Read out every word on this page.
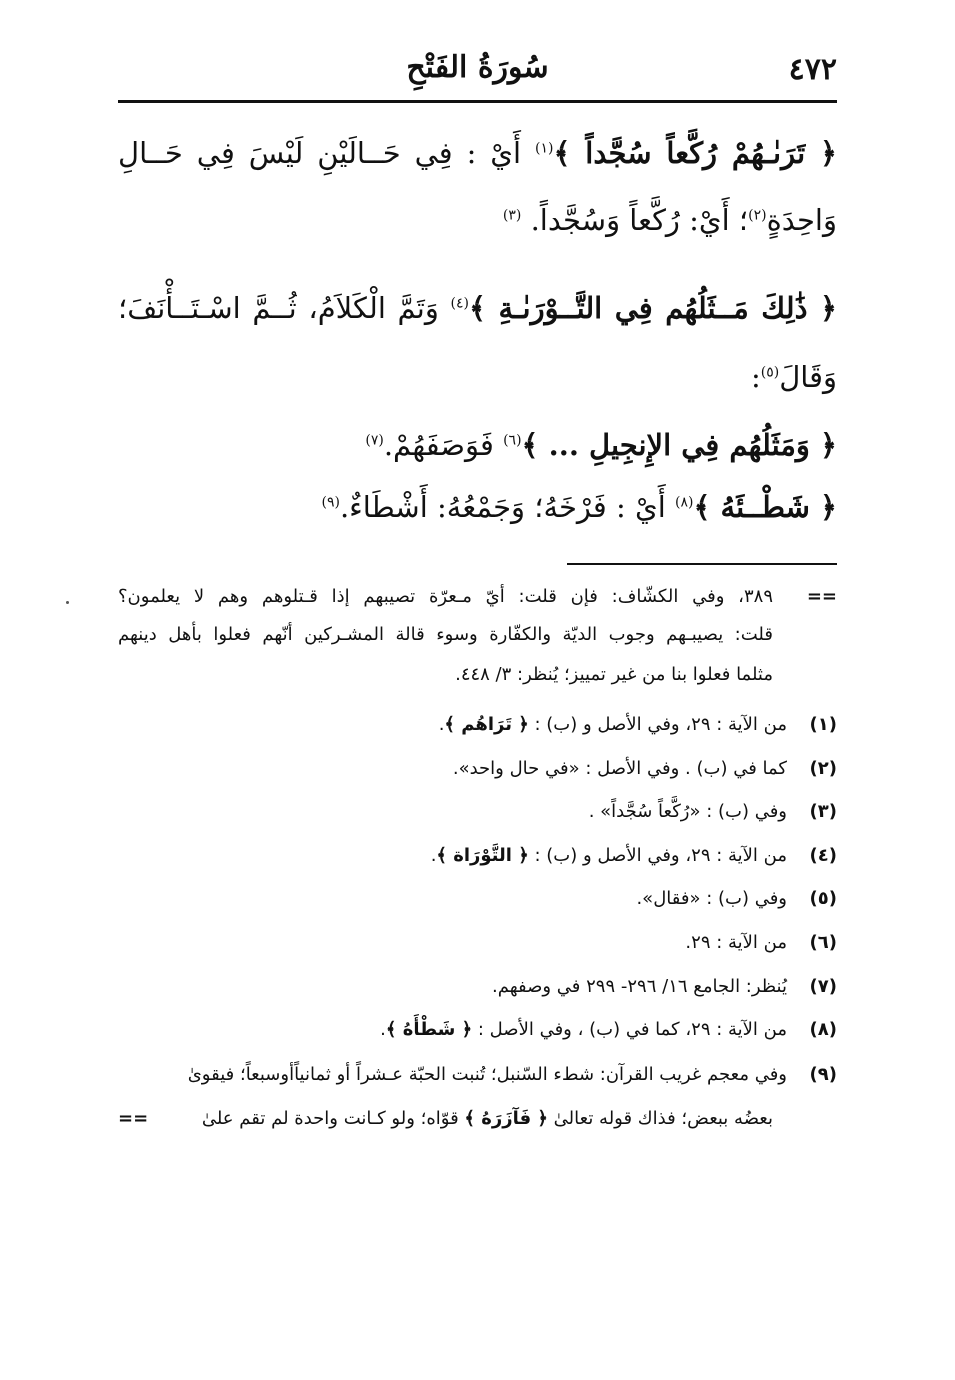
٤٧٢
سُورَةُ الفَتْحِ
﴿ تَرَىٰـهُمْ رُكَّعاً سُجَّداً ﴾$^{(١)}$ أَيْ : فِي حَــالَيْنِ لَيْسَ فِي حَــالِ
وَاحِدَةٍ$^{(٢)}$؛ أَيْ: رُكَّعاً وَسُجَّداً. $^{(٣)}$
﴿ ذَٰلِكَ مَــثَلُهُم فِي التَّــوْرَىٰـةِ ﴾$^{(٤)}$ وَتَمَّ الْكَلاَمُ، ثُــمَّ اسْـتَــأْنَفَ؛
وَقَالَ$^{(٥)}$:
﴿ وَمَثَلُهُم فِي الإِنجِيلِ ... ﴾$^{(٦)}$ فَوَصَفَهُمْ.$^{(٧)}$
﴿ شَطْــئَهُ ﴾$^{(٨)}$ أَيْ : فَرْخَهُ؛ وَجَمْعُهُ: أَشْطَاءٌ.$^{(٩)}$
==
٣٨٩، وفي الكشّاف: فإن قلت: أيّ مـعرّة تصيبهم إذا قـتلوهم وهم لا يعلمون؟
قلت: يصيبـهم وجوب الديّة والكفّارة وسوء قالة المشـركين أنّهم فعلوا بأهل دينهم
مثلما فعلوا بنا من غير تمييز؛ يُنظر: ٣/ ٤٤٨.
(١)من الآية : ٢٩، وفي الأصل و (ب) : ﴿ تَرَاهُم ﴾.
(٢)كما في (ب) . وفي الأصل : «في حال واحد».
(٣)وفي (ب) : «رُكَّعاً سُجَّداً» .
(٤)من الآية : ٢٩، وفي الأصل و (ب) : ﴿ التَّوْرَاة ﴾.
(٥)وفي (ب) : «فقال».
(٦)من الآية : ٢٩.
(٧)يُنظر: الجامع ١٦/ ٢٩٦- ٢٩٩ في وصفهم.
(٨)من الآية : ٢٩، كما في (ب) ، وفي الأصل : ﴿ شَطْأَهُ ﴾.
(٩)وفي معجم غريب القرآن: شطء السّنبل؛ تُنبت الحبّة عـشراً أو ثمانياًأوسبعاً؛ فيقوىٰ
بعضُه ببعض؛ فذاك قوله تعالىٰ ﴿ فَآزَرَهُ ﴾ قوّاه؛ ولو كـانت واحدة لم تقم علىٰ
==
